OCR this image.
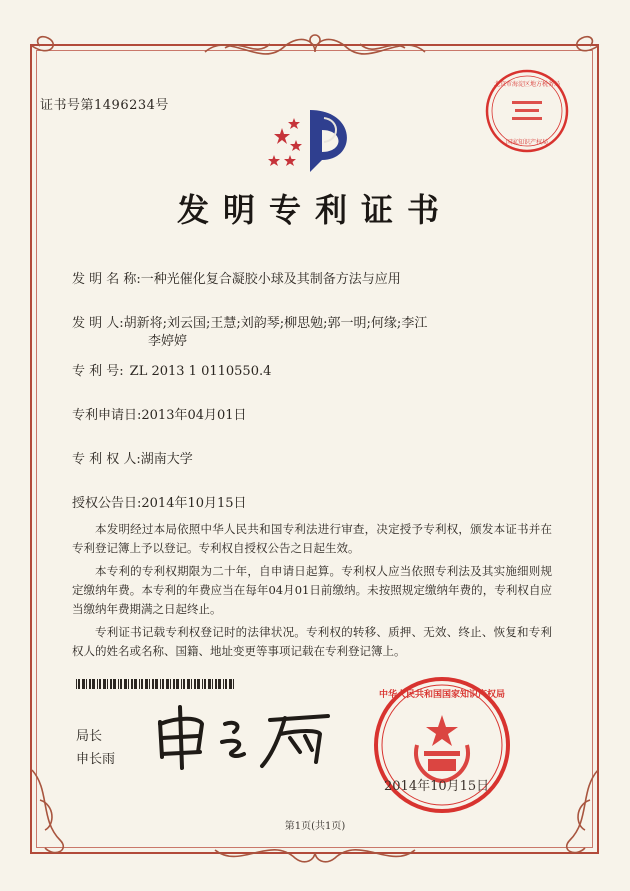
北京市海淀区地方税务局
国家知识产权局
证书号第1496234号
发明专利证书
发 明 名 称:一种光催化复合凝胶小球及其制备方法与应用
发 明 人:胡新将;刘云国;王慧;刘韵琴;柳思勉;郭一明;何缘;李江
李婷婷
专 利 号: ZL 2013 1 0110550.4
专利申请日:2013年04月01日
专 利 权 人:湖南大学
授权公告日:2014年10月15日

本发明经过本局依照中华人民共和国专利法进行审查，决定授予专利权，颁发本证书并在专利登记簿上予以登记。专利权自授权公告之日起生效。

本专利的专利权期限为二十年，自申请日起算。专利权人应当依照专利法及其实施细则规定缴纳年费。本专利的年费应当在每年04月01日前缴纳。未按照规定缴纳年费的，专利权自应当缴纳年费期满之日起终止。

专利证书记载专利权登记时的法律状况。专利权的转移、质押、无效、终止、恢复和专利权人的姓名或名称、国籍、地址变更等事项记载在专利登记簿上。

局长
申长雨
中华人民共和国国家知识产权局
2014年10月15日
第1页(共1页)
